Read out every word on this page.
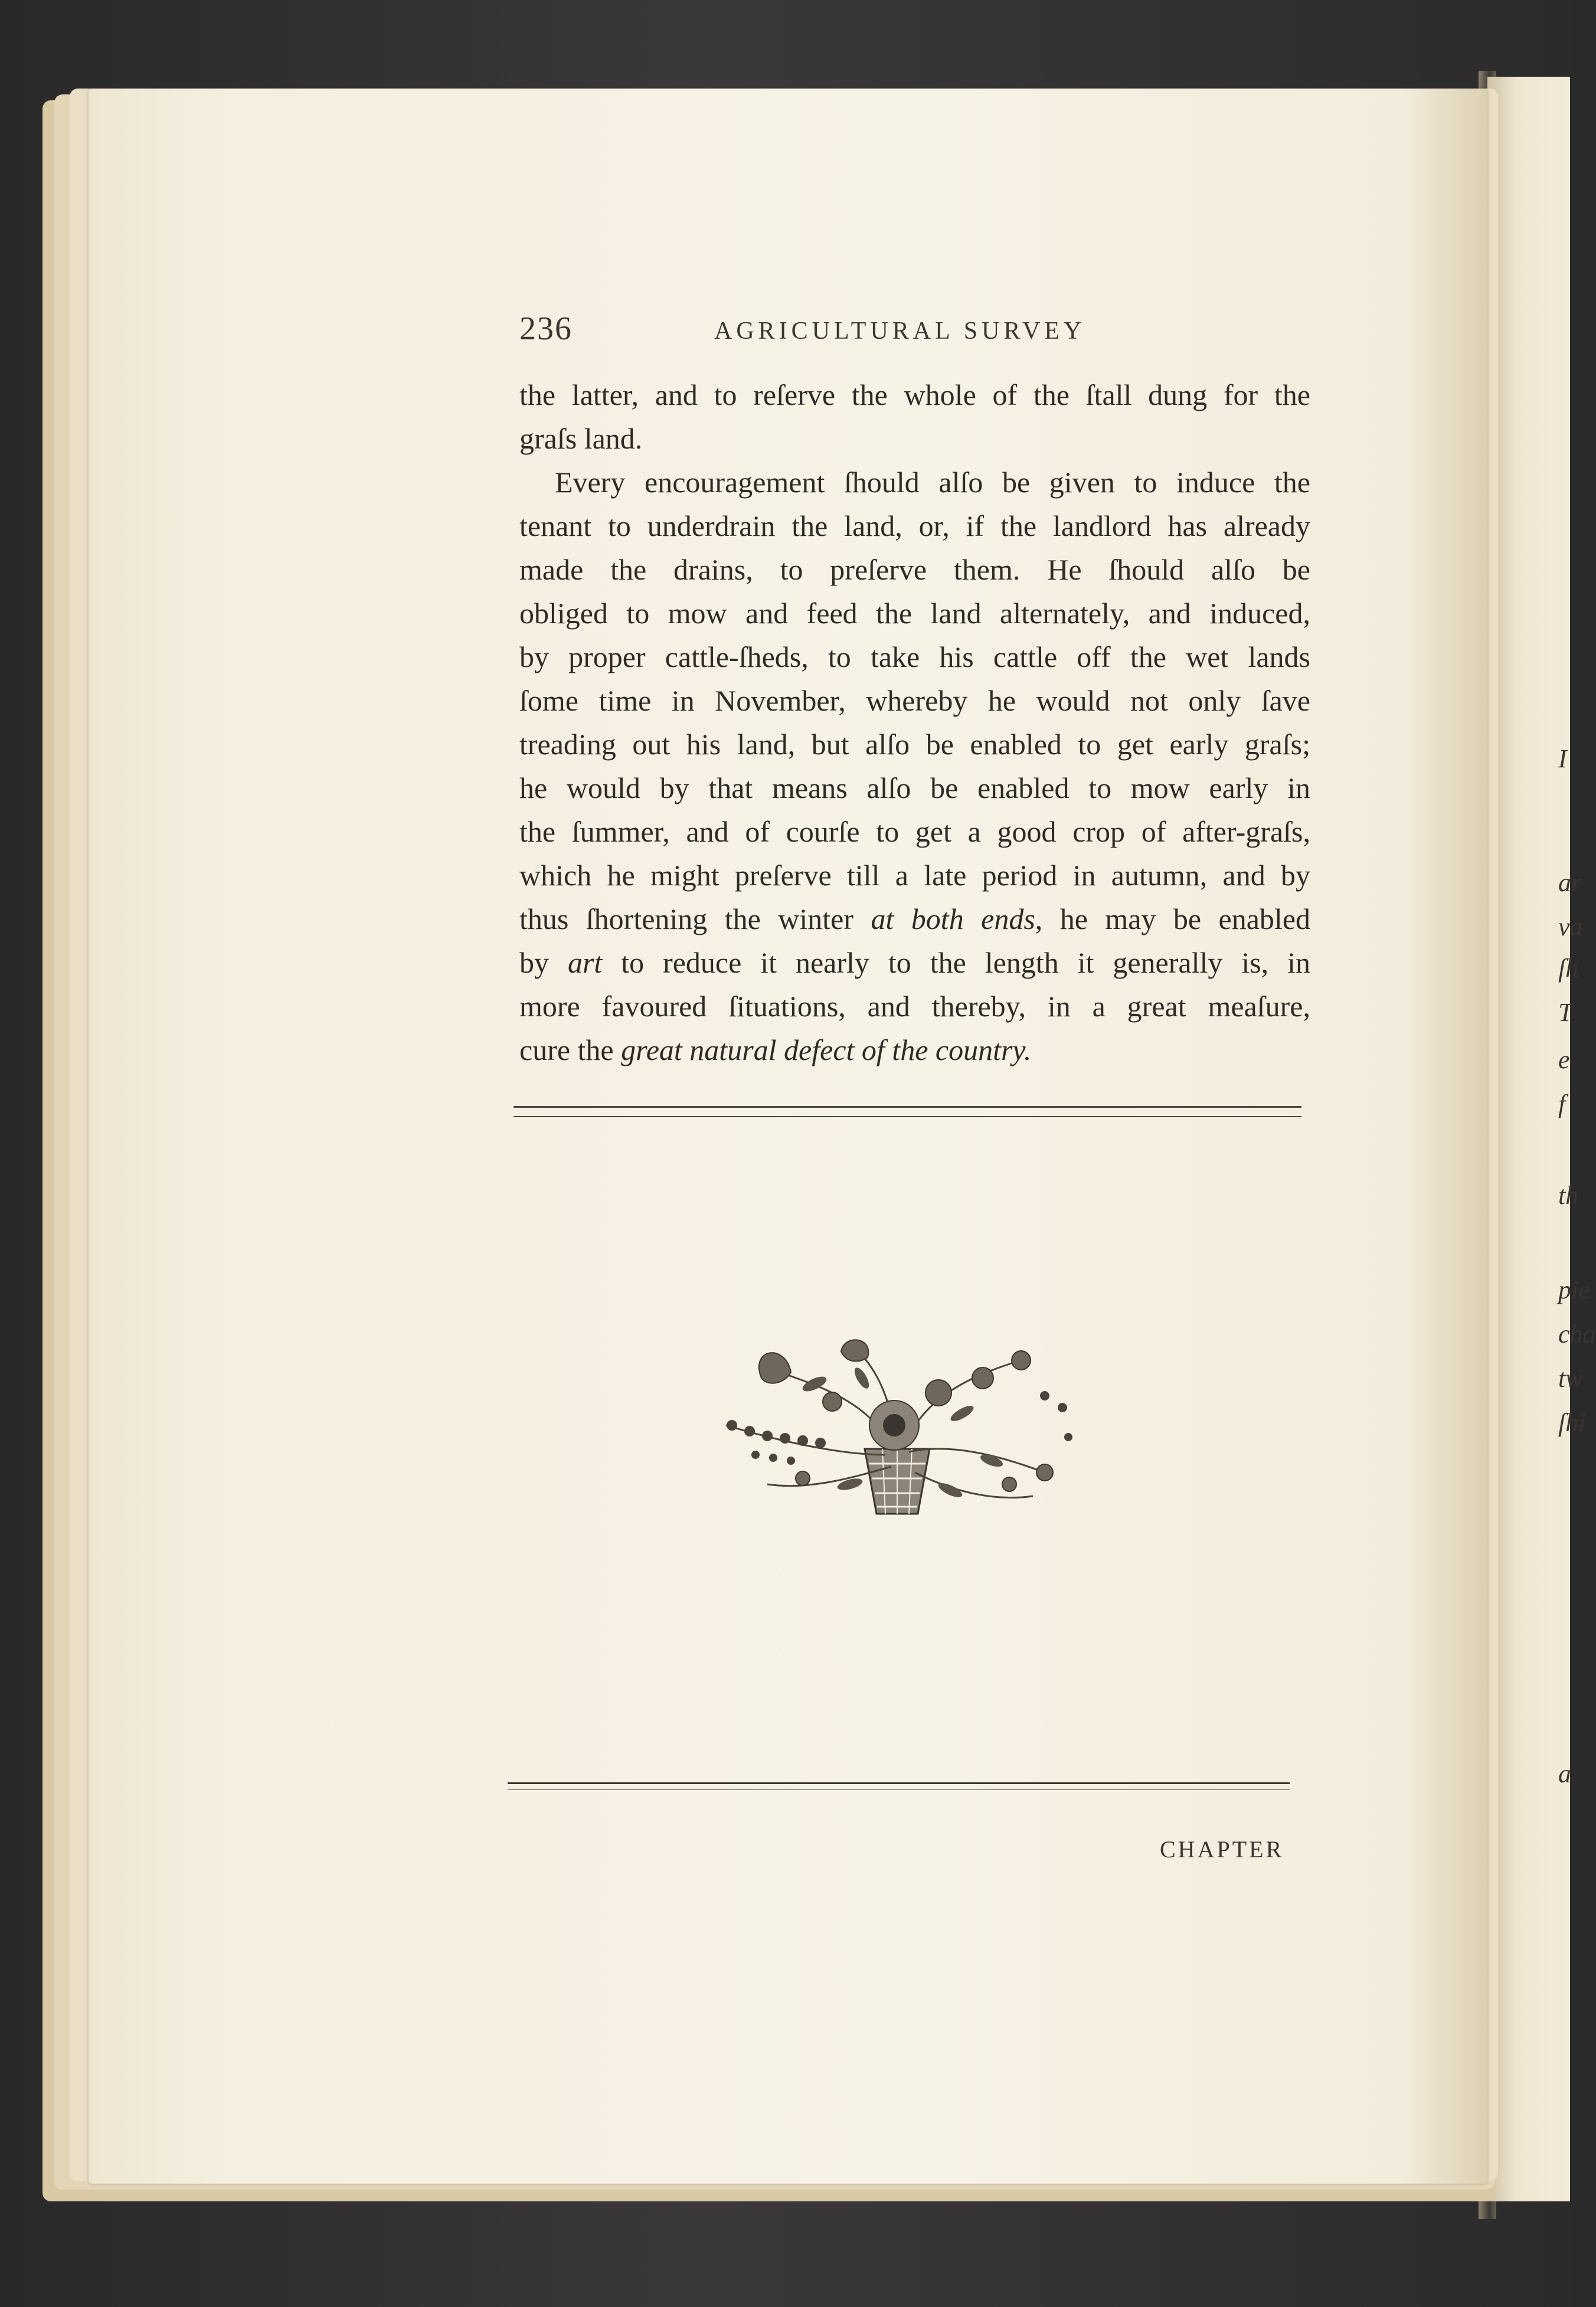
I
ar
va
ſh
T
e
f
th
pie
cha
tw
ſhi
a
236	AGRICULTURAL SURVEY
the latter, and to reſerve the whole of the ſtall dung for the
graſs land.
Every encouragement ſhould alſo be given to induce the
tenant to underdrain the land, or, if the landlord has already
made the drains, to preſerve them. He ſhould alſo be
obliged to mow and feed the land alternately, and induced,
by proper cattle-ſheds, to take his cattle off the wet lands
ſome time in November, whereby he would not only ſave
treading out his land, but alſo be enabled to get early graſs;
he would by that means alſo be enabled to mow early in
the ſummer, and of courſe to get a good crop of after-graſs,
which he might preſerve till a late period in autumn, and by
thus ſhortening the winter at both ends, he may be enabled
by art to reduce it nearly to the length it generally is, in
more favoured ſituations, and thereby, in a great meaſure,
cure the great natural defect of the country.
CHAPTER
